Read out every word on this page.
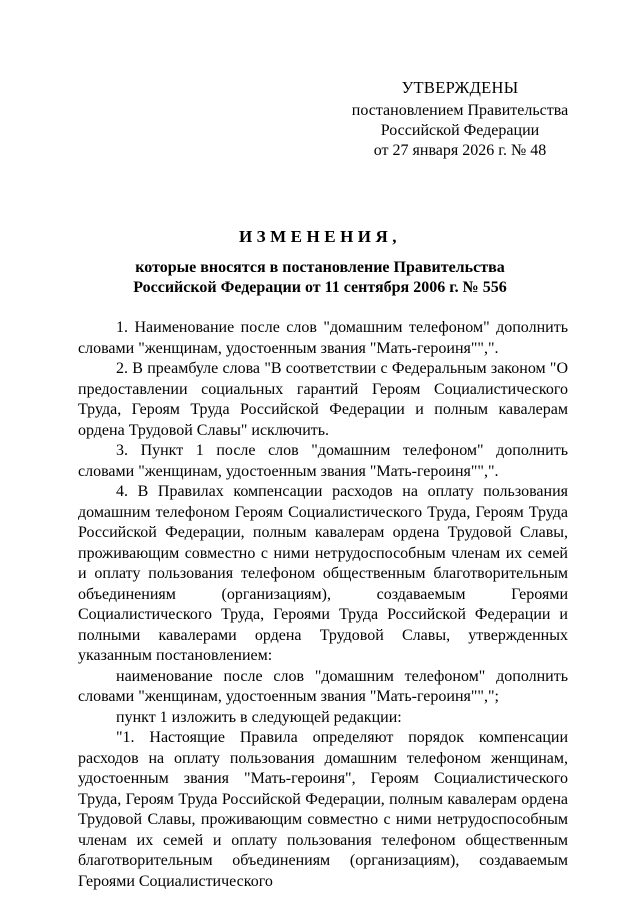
УТВЕРЖДЕНЫ
постановлением Правительства
Российской Федерации
от 27 января 2026 г. № 48
ИЗМЕНЕНИЯ,
которые вносятся в постановление Правительства
Российской Федерации от 11 сентября 2006 г. № 556

1. Наименование после слов "домашним телефоном" дополнить словами "женщинам, удостоенным звания "Мать-героиня"",".

2. В преамбуле слова "В соответствии с Федеральным законом "О предоставлении социальных гарантий Героям Социалистического Труда, Героям Труда Российской Федерации и полным кавалерам ордена Трудовой Славы" исключить.

3. Пункт 1 после слов "домашним телефоном" дополнить словами "женщинам, удостоенным звания "Мать-героиня"",".

4. В Правилах компенсации расходов на оплату пользования домашним телефоном Героям Социалистического Труда, Героям Труда Российской Федерации, полным кавалерам ордена Трудовой Славы, проживающим совместно с ними нетрудоспособным членам их семей и оплату пользования телефоном общественным благотворительным объединениям (организациям), создаваемым Героями Социалистического Труда, Героями Труда Российской Федерации и полными кавалерами ордена Трудовой Славы, утвержденных указанным постановлением:

наименование после слов "домашним телефоном" дополнить словами "женщинам, удостоенным звания "Мать-героиня"",";

пункт 1 изложить в следующей редакции:

"1. Настоящие Правила определяют порядок компенсации расходов на оплату пользования домашним телефоном женщинам, удостоенным звания "Мать-героиня", Героям Социалистического Труда, Героям Труда Российской Федерации, полным кавалерам ордена Трудовой Славы, проживающим совместно с ними нетрудоспособным членам их семей и оплату пользования телефоном общественным благотворительным объединениям (организациям), создаваемым Героями Социалистического
